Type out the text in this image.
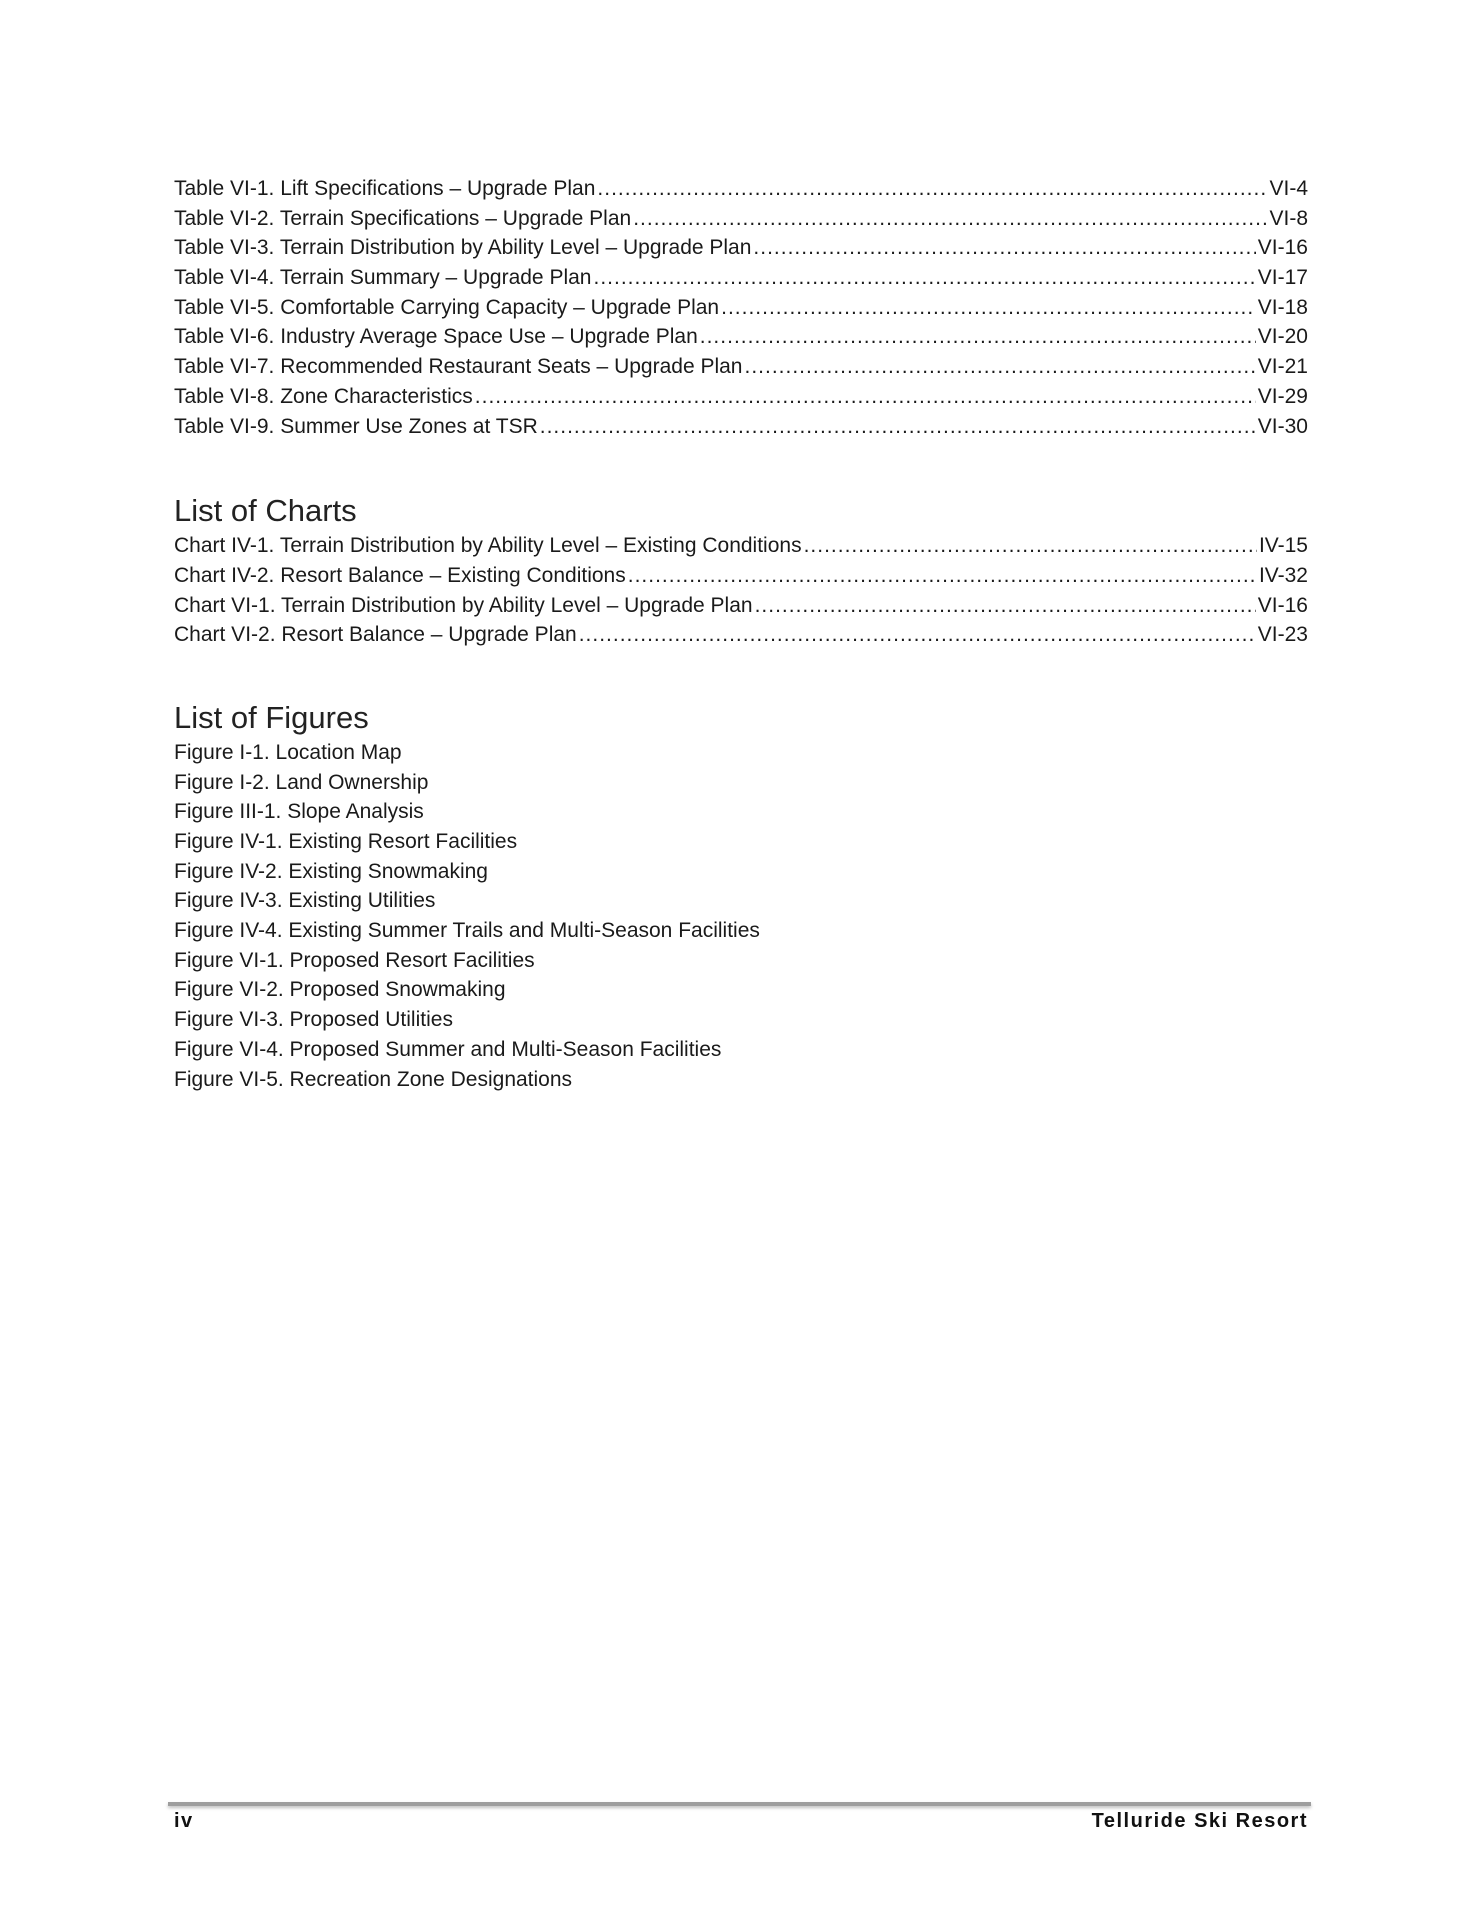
Table VI-1. Lift Specifications – Upgrade Plan .....	VI-4
Table VI-2. Terrain Specifications – Upgrade Plan .....	VI-8
Table VI-3. Terrain Distribution by Ability Level – Upgrade Plan .....	VI-16
Table VI-4. Terrain Summary – Upgrade Plan .....	VI-17
Table VI-5. Comfortable Carrying Capacity – Upgrade Plan .....	VI-18
Table VI-6. Industry Average Space Use – Upgrade Plan .....	VI-20
Table VI-7. Recommended Restaurant Seats – Upgrade Plan .....	VI-21
Table VI-8. Zone Characteristics .....	VI-29
Table VI-9. Summer Use Zones at TSR .....	VI-30
List of Charts
Chart IV-1. Terrain Distribution by Ability Level – Existing Conditions .....	IV-15
Chart IV-2. Resort Balance – Existing Conditions .....	IV-32
Chart VI-1. Terrain Distribution by Ability Level – Upgrade Plan .....	VI-16
Chart VI-2. Resort Balance – Upgrade Plan .....	VI-23
List of Figures
Figure I-1. Location Map
Figure I-2. Land Ownership
Figure III-1. Slope Analysis
Figure IV-1. Existing Resort Facilities
Figure IV-2. Existing Snowmaking
Figure IV-3. Existing Utilities
Figure IV-4. Existing Summer Trails and Multi-Season Facilities
Figure VI-1. Proposed Resort Facilities
Figure VI-2. Proposed Snowmaking
Figure VI-3. Proposed Utilities
Figure VI-4. Proposed Summer and Multi-Season Facilities
Figure VI-5. Recreation Zone Designations
iv	Telluride Ski Resort
